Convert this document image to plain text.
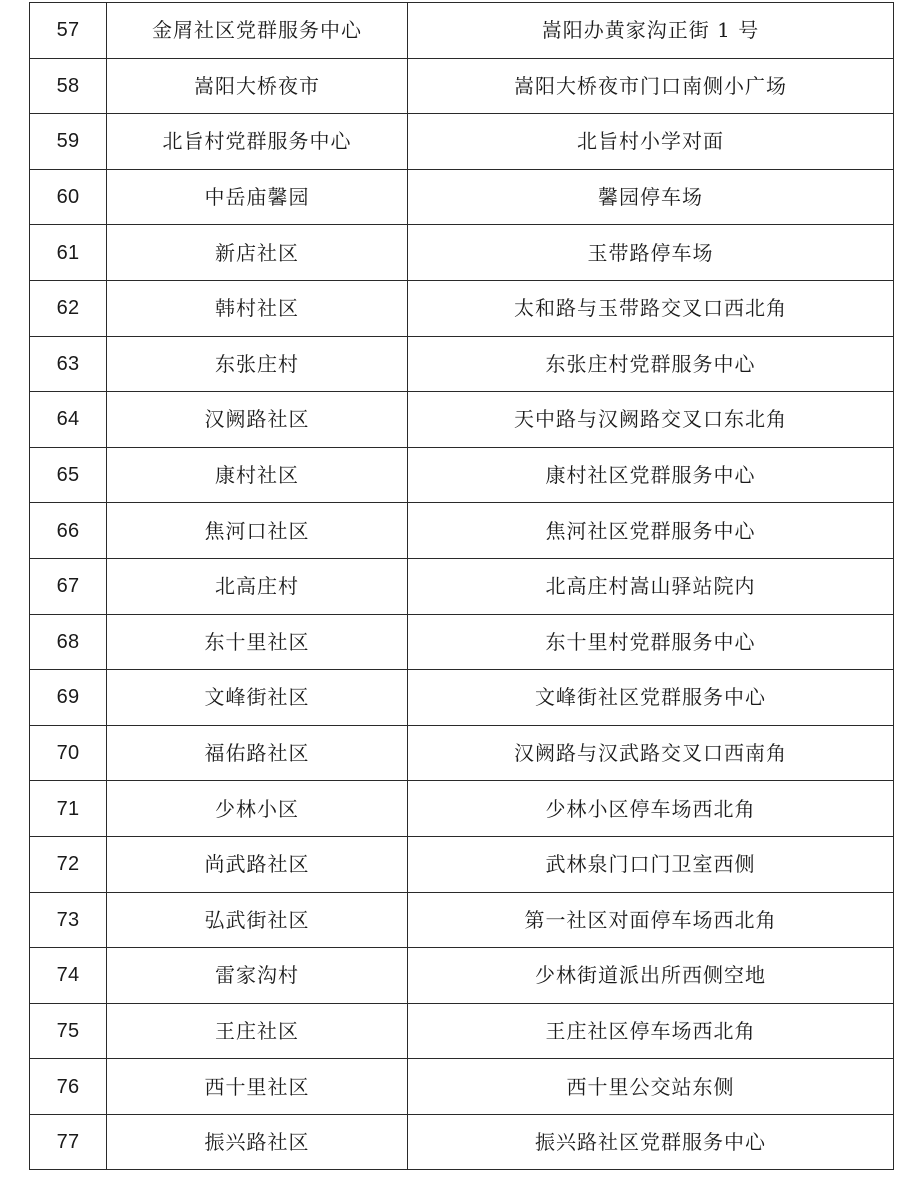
57	金屑社区党群服务中心	嵩阳办黄家沟正街 1 号
58	嵩阳大桥夜市	嵩阳大桥夜市门口南侧小广场
59	北旨村党群服务中心	北旨村小学对面
60	中岳庙馨园	馨园停车场
61	新店社区	玉带路停车场
62	韩村社区	太和路与玉带路交叉口西北角
63	东张庄村	东张庄村党群服务中心
64	汉阙路社区	天中路与汉阙路交叉口东北角
65	康村社区	康村社区党群服务中心
66	焦河口社区	焦河社区党群服务中心
67	北高庄村	北高庄村嵩山驿站院内
68	东十里社区	东十里村党群服务中心
69	文峰街社区	文峰街社区党群服务中心
70	福佑路社区	汉阙路与汉武路交叉口西南角
71	少林小区	少林小区停车场西北角
72	尚武路社区	武林泉门口门卫室西侧
73	弘武街社区	第一社区对面停车场西北角
74	雷家沟村	少林街道派出所西侧空地
75	王庄社区	王庄社区停车场西北角
76	西十里社区	西十里公交站东侧
77	振兴路社区	振兴路社区党群服务中心
